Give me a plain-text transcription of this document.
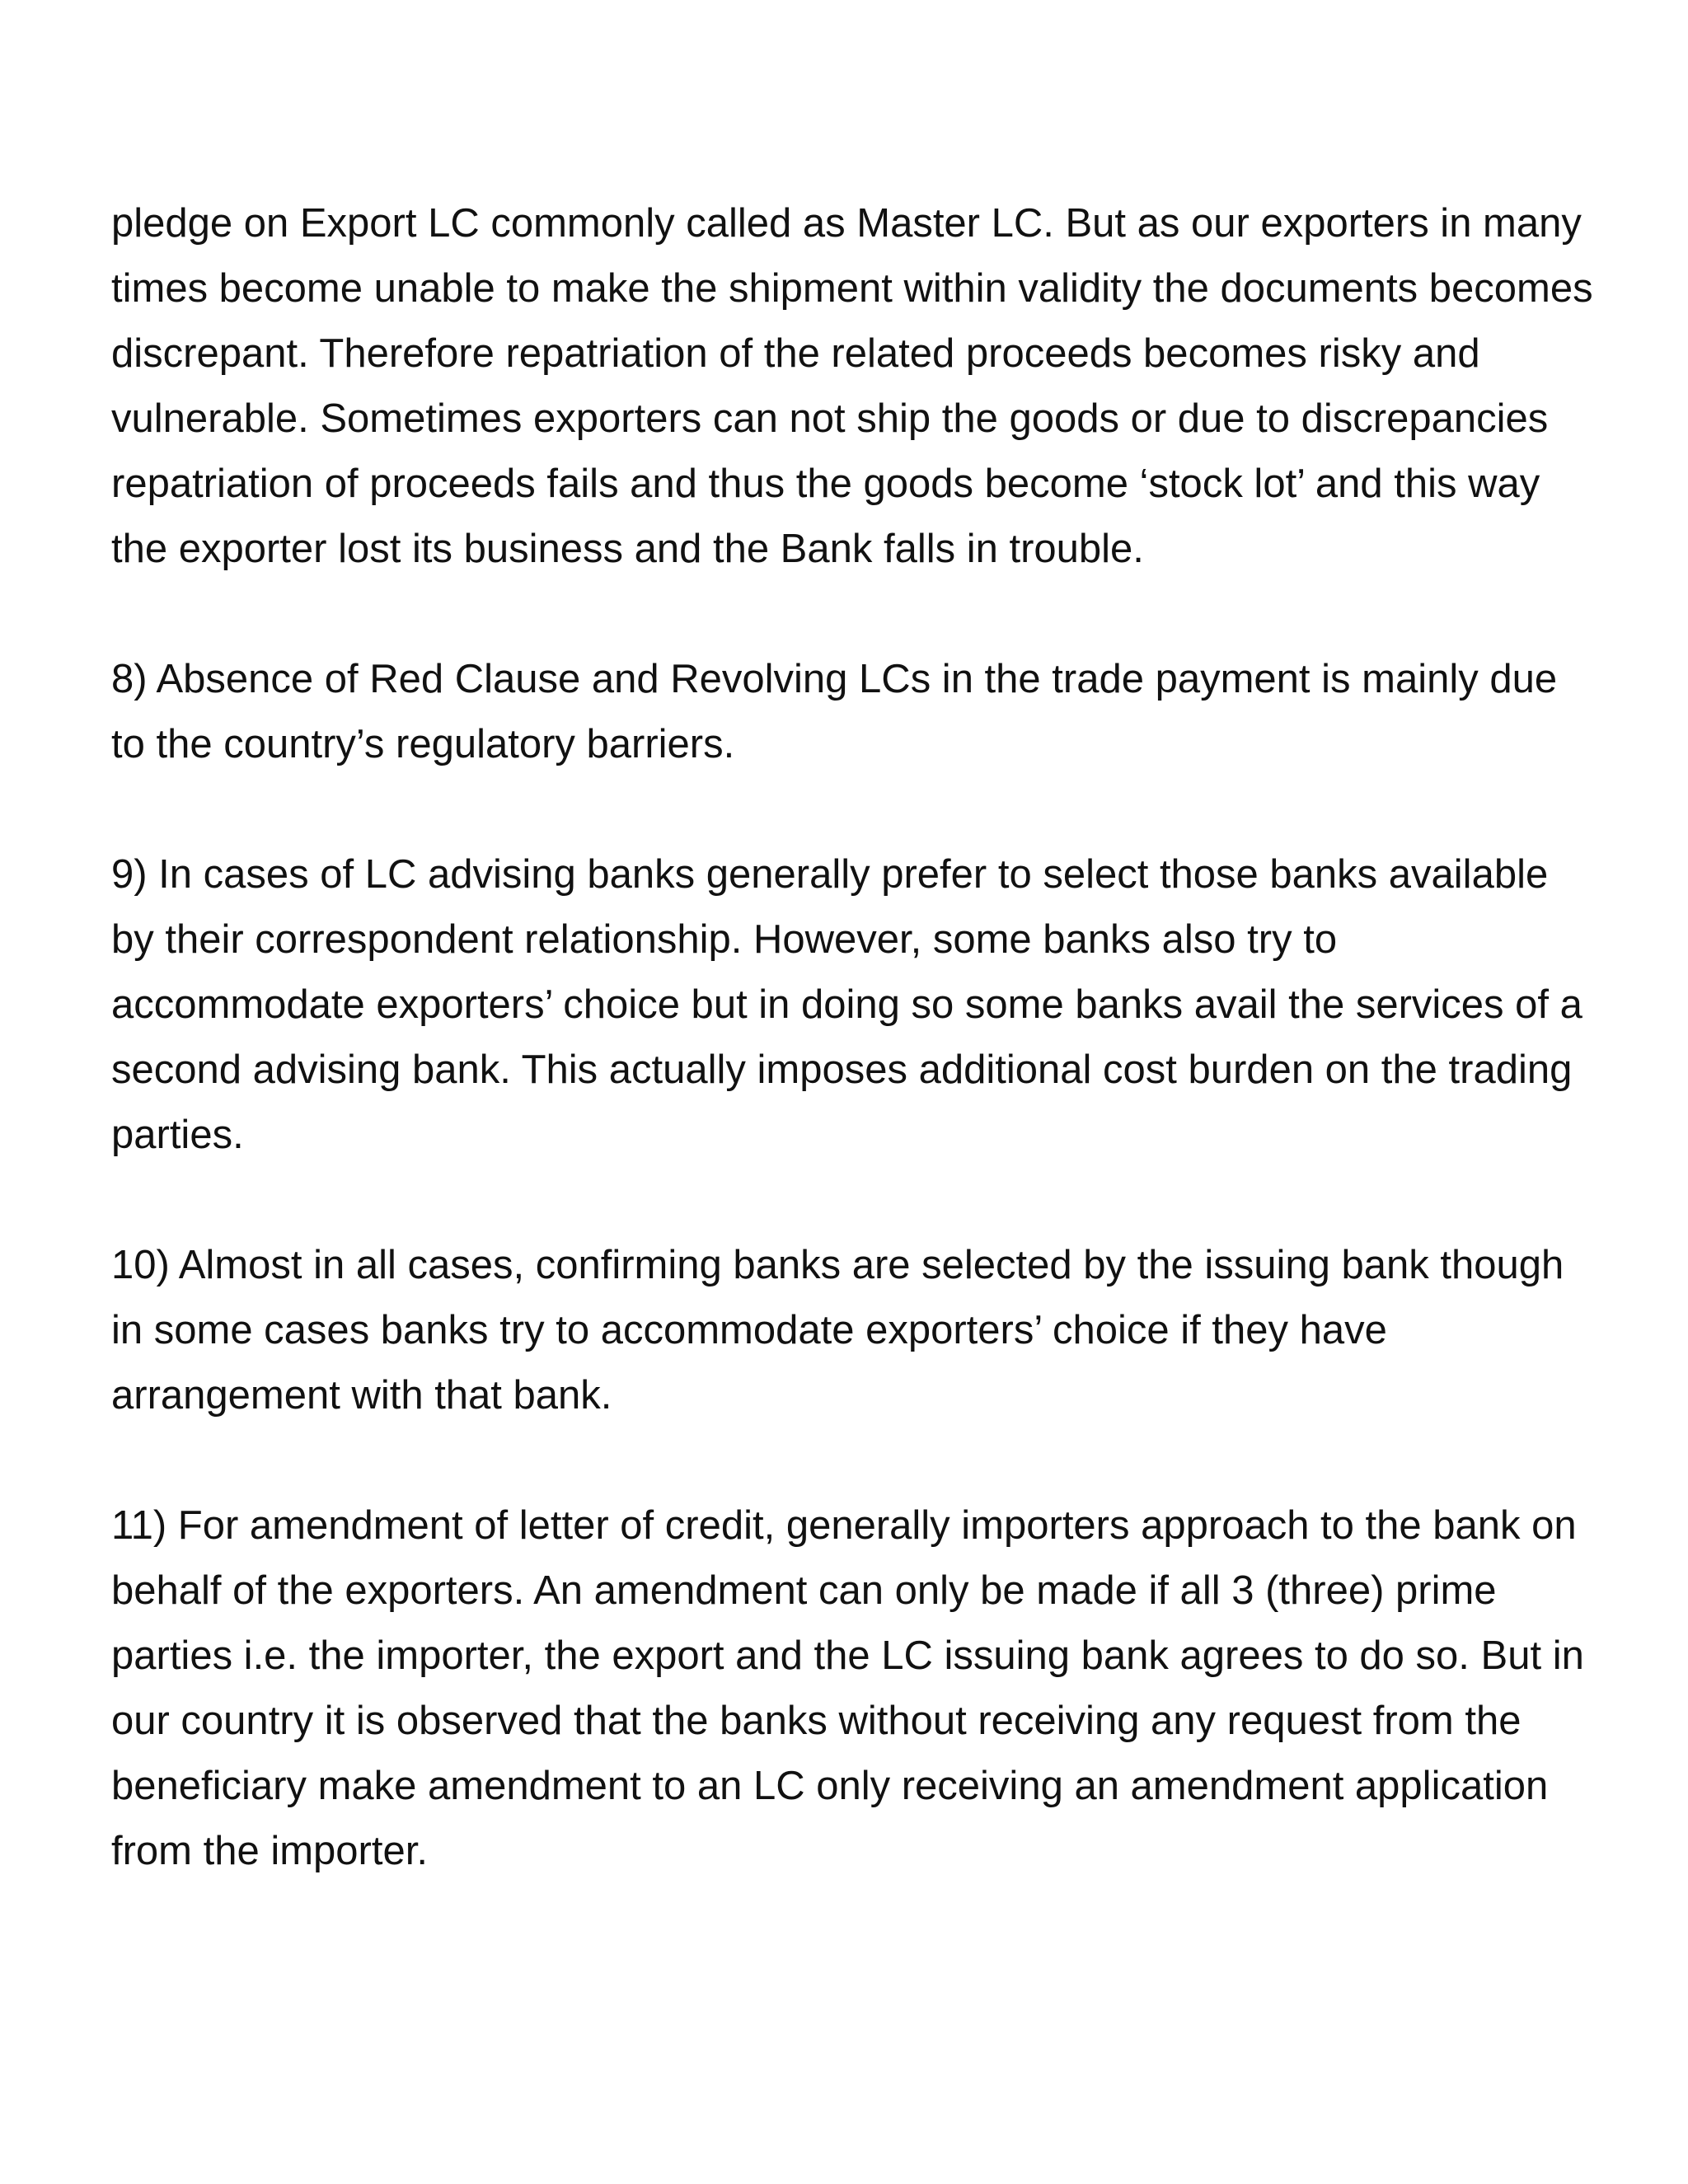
pledge on Export LC commonly called as Master LC. But as our exporters in many times become unable to make the shipment within validity the documents becomes discrepant. Therefore repatriation of the related proceeds becomes risky and vulnerable. Sometimes exporters can not ship the goods or due to discrepancies repatriation of proceeds fails and thus the goods become ‘stock lot’ and this way the exporter lost its business and the Bank falls in trouble.

8) Absence of Red Clause and Revolving LCs in the trade payment is mainly due to the country’s regulatory barriers.

9) In cases of LC advising banks generally prefer to select those banks available by their correspondent relationship. However, some banks also try to accommodate exporters’ choice but in doing so some banks avail the services of a second advising bank. This actually imposes additional cost burden on the trading parties.

10) Almost in all cases, confirming banks are selected by the issuing bank though in some cases banks try to accommodate exporters’ choice if they have arrangement with that bank.

11) For amendment of letter of credit, generally importers approach to the bank on behalf of the exporters. An amendment can only be made if all 3 (three) prime parties i.e. the importer, the export and the LC issuing bank agrees to do so. But in our country it is observed that the banks without receiving any request from the beneficiary make amendment to an LC only receiving an amendment application from the importer.
